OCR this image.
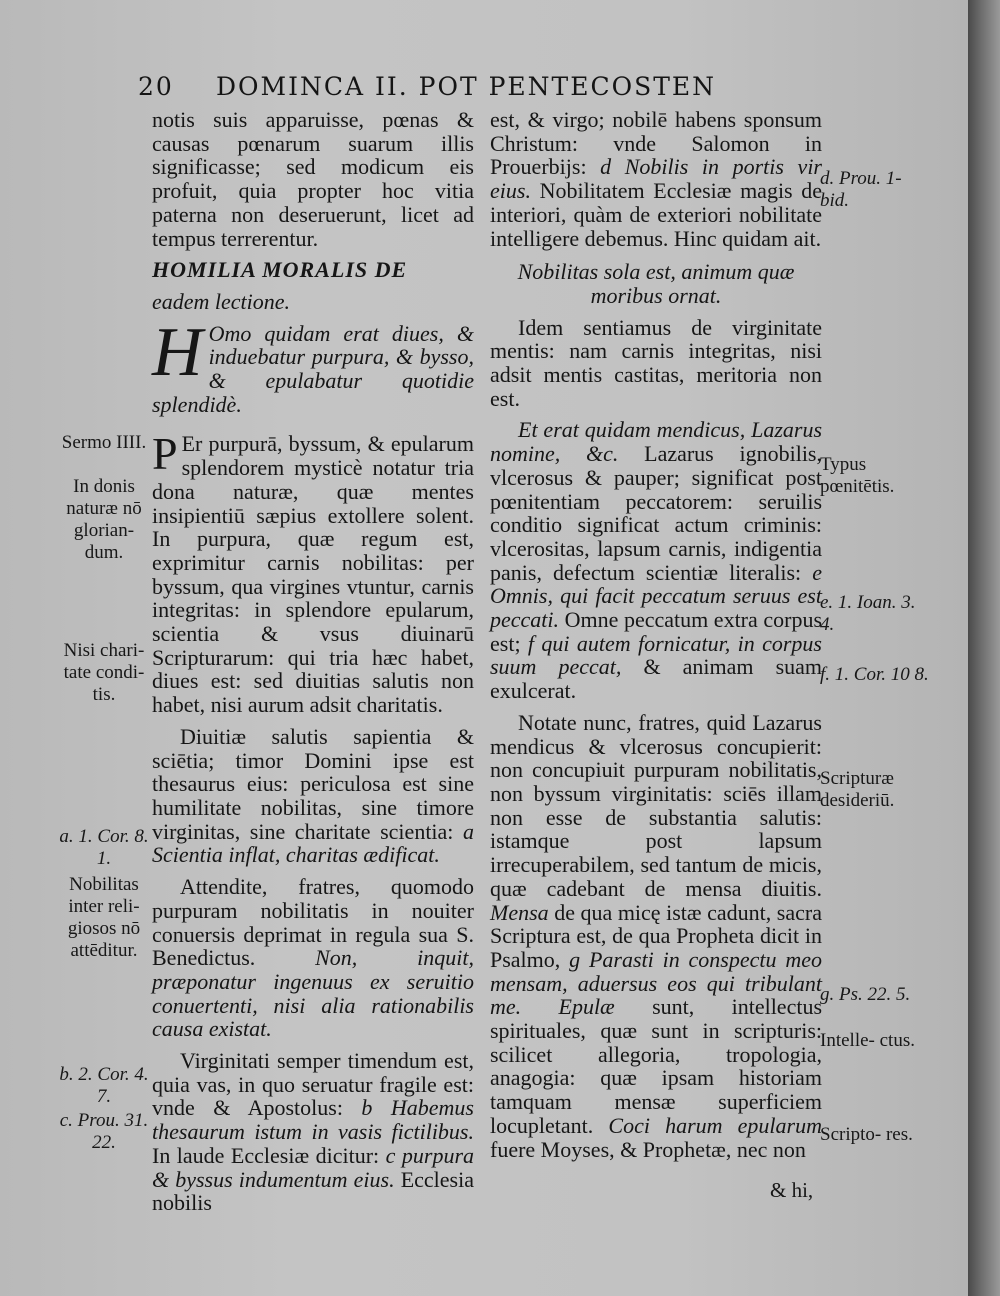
20 DOMINCA II. POT PENTECOSTEN

notis suis apparuisse, pœnas & causas pœnarum suarum illis significasse; sed modicum eis profuit, quia propter hoc vitia paterna non deseruerunt, licet ad tempus terrerentur.

HOMILIA MORALIS DE

eadem lectione.

H Omo quidam erat diues, & induebatur purpura, & bysso, & epulabatur quotidie splendidè.

P Er purpurā, byssum, & epularum splendorem mysticè notatur tria dona naturæ, quæ mentes insipientiū sæpius extollere solent. In purpura, quæ regum est, exprimitur carnis nobilitas: per byssum, qua virgines vtuntur, carnis integritas: in splendore epularum, scientia & vsus diuinarū Scripturarum: qui tria hæc habet, diues est: sed diuitias salutis non habet, nisi aurum adsit charitatis.

Diuitiæ salutis sapientia & sciētia; timor Domini ipse est thesaurus eius: periculosa est sine humilitate nobilitas, sine timore virginitas, sine charitate scientia: a Scientia inflat, charitas ædificat.

Attendite, fratres, quomodo purpuram nobilitatis in nouiter conuersis deprimat in regula sua S. Benedictus.	Non, inquit, præponatur ingenuus ex seruitio conuertenti, nisi alia rationabilis causa existat.

Virginitati semper timendum est, quia vas, in quo seruatur fragile est: vnde & Apostolus: b Habemus thesaurum istum in vasis fictilibus. In laude Ecclesiæ dicitur: c purpura & byssus indumentum eius. Ecclesia nobilis

est, & virgo; nobilē habens sponsum Christum: vnde Salomon in Prouerbijs: d Nobilis in portis vir eius. Nobilitatem Ecclesiæ magis de interiori, quàm de exteriori nobilitate intelligere debemus. Hinc quidam ait.

Nobilitas sola est, animum quæ moribus ornat.

Idem sentiamus de virginitate mentis: nam carnis integritas, nisi adsit mentis castitas, meritoria non est.

Et erat quidam mendicus, Lazarus nomine, &c. Lazarus ignobilis, vlcerosus & pauper; significat post pœnitentiam peccatorem: seruilis conditio significat actum criminis: vlcerositas, lapsum carnis, indigentia panis, defectum scientiæ literalis: e Omnis, qui facit peccatum seruus est peccati. Omne peccatum extra corpus est; f qui autem fornicatur, in corpus suum peccat, & animam suam exulcerat.

Notate nunc, fratres, quid Lazarus mendicus & vlcerosus concupierit: non concupiuit purpuram nobilitatis, non byssum virginitatis: sciēs illam non esse de substantia salutis: istamque post lapsum irrecuperabilem, sed tantum de micis, quæ cadebant de mensa diuitis. Mensa de qua micę istæ cadunt, sacra Scriptura est, de qua Propheta dicit in Psalmo, g Parasti in conspectu meo mensam, aduersus eos qui tribulant me. Epulæ sunt, intellectus spirituales, quæ sunt in scripturis: scilicet allegoria, tropologia, anagogia: quæ ipsam historiam tamquam mensæ superficiem locupletant. Coci harum epularum fuere Moyses, & Prophetæ, nec non

& hi,
Sermo IIII.
In donis naturæ nō glorian- dum.
Nisi chari- tate condi- tis.
a. 1. Cor. 8. 1.
Nobilitas inter reli- giosos nō attēditur.
b. 2. Cor. 4. 7.
c. Prou. 31. 22.
d. Prou. 1- bid.
Typus pœnitētis.
e. 1. Ioan. 3. 4.
f. 1. Cor. 10 8.
Scripturæ desideriū.
g. Ps. 22. 5.
Intelle- ctus.
Scripto- res.
